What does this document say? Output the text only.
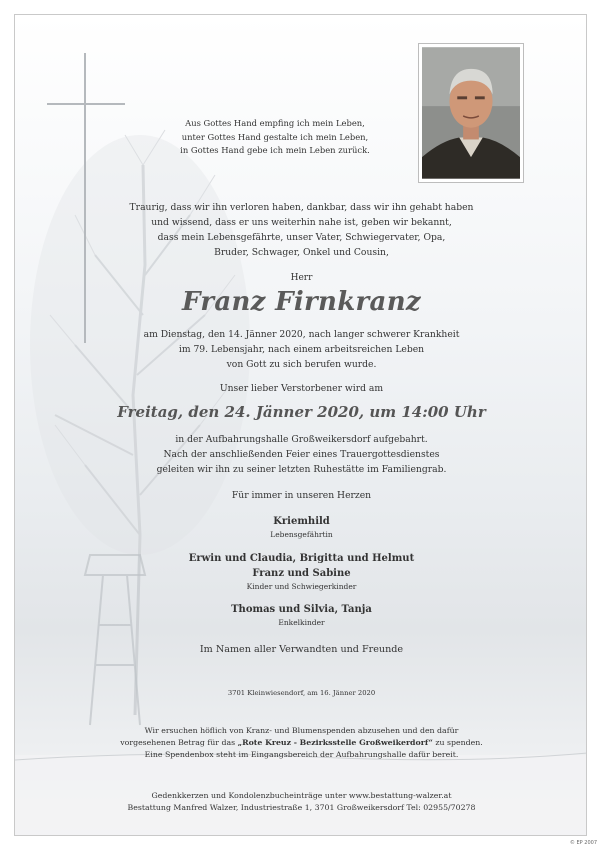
Aus Gottes Hand empfing ich mein Leben,
unter Gottes Hand gestalte ich mein Leben,
in Gottes Hand gebe ich mein Leben zurück.
Traurig, dass wir ihn verloren haben, dankbar, dass wir ihn gehabt haben
und wissend, dass er uns weiterhin nahe ist, geben wir bekannt,
dass mein Lebensgefährte, unser Vater, Schwiegervater, Opa,
Bruder, Schwager, Onkel und Cousin,
Herr
Franz Firnkranz
am Dienstag, den 14. Jänner 2020, nach langer schwerer Krankheit
im 79. Lebensjahr, nach einem arbeitsreichen Leben
von Gott zu sich berufen wurde.
Unser lieber Verstorbener wird am
Freitag, den 24. Jänner 2020, um 14:00 Uhr
in der Aufbahrungshalle Großweikersdorf aufgebahrt.
Nach der anschließenden Feier eines Trauergottesdienstes
geleiten wir ihn zu seiner letzten Ruhestätte im Familiengrab.
Für immer in unseren Herzen
Kriemhild
Lebensgefährtin
Erwin und Claudia, Brigitta und Helmut
Franz und Sabine
Kinder und Schwiegerkinder
Thomas und Silvia, Tanja
Enkelkinder
Im Namen aller Verwandten und Freunde
3701 Kleinwiesendorf, am 16. Jänner 2020
Wir ersuchen höflich von Kranz- und Blumenspenden abzusehen und den dafür
vorgesehenen Betrag für das „Rote Kreuz - Bezirksstelle Großweikerdorf“ zu spenden.
Eine Spendenbox steht im Eingangsbereich der Aufbahrungshalle dafür bereit.
Gedenkkerzen und Kondolenzbucheinträge unter www.bestattung-walzer.at
Bestattung Manfred Walzer, Industriestraße 1, 3701 Großweikersdorf Tel: 02955/70278
© EP 2007
